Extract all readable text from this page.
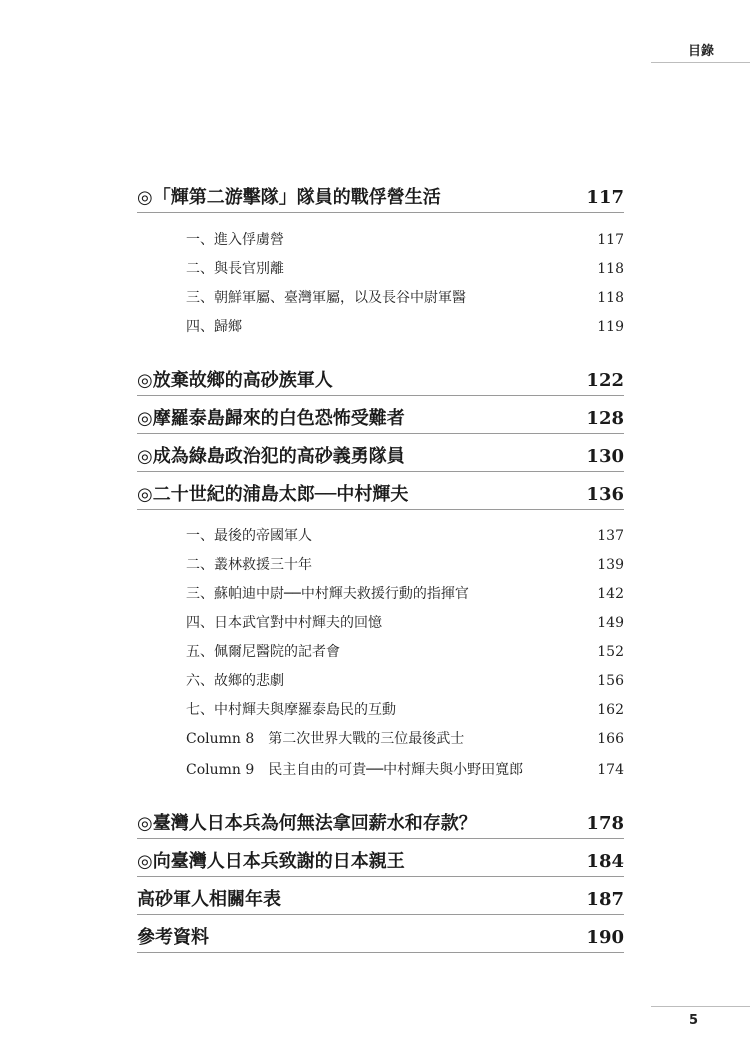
目錄
◎「輝第二游擊隊」隊員的戰俘營生活	117
一、進入俘虜營	117
二、與長官別離	118
三、朝鮮軍屬、臺灣軍屬，以及長谷中尉軍醫	118
四、歸鄉	119
◎放棄故鄉的高砂族軍人	122
◎摩羅泰島歸來的白色恐怖受難者	128
◎成為綠島政治犯的高砂義勇隊員	130
◎二十世紀的浦島太郎──中村輝夫	136
一、最後的帝國軍人	137
二、叢林救援三十年	139
三、蘇帕迪中尉──中村輝夫救援行動的指揮官	142
四、日本武官對中村輝夫的回憶	149
五、佩爾尼醫院的記者會	152
六、故鄉的悲劇	156
七、中村輝夫與摩羅泰島民的互動	162
Column 8　第二次世界大戰的三位最後武士	166
Column 9　民主自由的可貴──中村輝夫與小野田寬郎	174
◎臺灣人日本兵為何無法拿回薪水和存款？	178
◎向臺灣人日本兵致謝的日本親王	184
高砂軍人相關年表	187
參考資料	190
5
